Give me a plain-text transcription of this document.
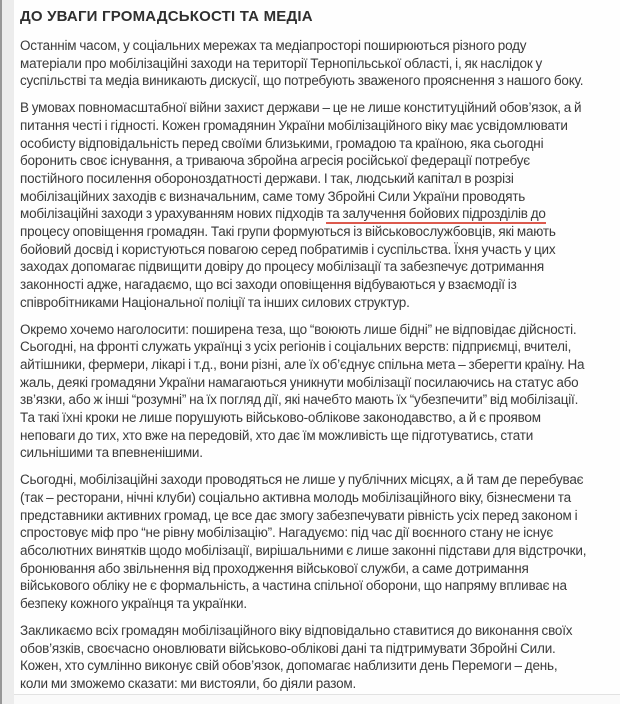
ДО УВАГИ ГРОМАДСЬКОСТІ ТА МЕДІА
Останнім часом, у соціальних мережах та медіапросторі поширюються різного роду
матеріали про мобілізаційні заходи на території Тернопільської області, і, як наслідок у
суспільстві та медіа виникають дискусії, що потребують зваженого прояснення з нашого боку.
В умовах повномасштабної війни захист держави – це не лише конституційний обов’язок, а й
питання честі і гідності. Кожен громадянин України мобілізаційного віку має усвідомлювати
особисту відповідальність перед своїми близькими, громадою та країною, яка сьогодні
боронить своє існування, а триваюча збройна агресія російської федерації потребує
постійного посилення обороноздатності держави. І так, людський капітал в розрізі
мобілізаційних заходів є визначальним, саме тому Збройні Сили України проводять
мобілізаційні заходи з урахуванням нових підходів та залучення бойових підрозділів до
процесу оповіщення громадян. Такі групи формуються із військовослужбовців, які мають
бойовий досвід і користуються повагою серед побратимів і суспільства. Їхня участь у цих
заходах допомагає підвищити довіру до процесу мобілізації та забезпечує дотримання
законності адже, нагадаємо, що всі заходи оповіщення відбуваються у взаємодії із
співробітниками Національної поліції та інших силових структур.
Окремо хочемо наголосити: поширена теза, що “воюють лише бідні” не відповідає дійсності.
Сьогодні, на фронті служать українці з усіх регіонів і соціальних верств: підприємці, вчителі,
айтішники, фермери, лікарі і т.д., вони різні, але їх об’єднує спільна мета – зберегти країну. На
жаль, деякі громадяни України намагаються уникнути мобілізації посилаючись на статус або
зв’язки, або ж інші “розумні” на їх погляд дії, які начебто мають їх “убезпечити” від мобілізації.
Та такі їхні кроки не лише порушують військово-облікове законодавство, а й є проявом
неповаги до тих, хто вже на передовій, хто дає їм можливість ще підготуватись, стати
сильнішими та впевненішими.
Сьогодні, мобілізаційні заходи проводяться не лише у публічних місцях, а й там де перебуває
(так – ресторани, нічні клуби) соціально активна молодь мобілізаційного віку, бізнесмени та
представники активних громад, це все дає змогу забезпечувати рівність усіх перед законом і
спростовує міф про “не рівну мобілізацію”. Нагадуємо: під час дії воєнного стану не існує
абсолютних винятків щодо мобілізації, вирішальними є лише законні підстави для відстрочки,
бронювання або звільнення від проходження військової служби, а саме дотримання
військового обліку не є формальність, а частина спільної оборони, що напряму впливає на
безпеку кожного українця та українки.
Закликаємо всіх громадян мобілізаційного віку відповідально ставитися до виконання своїх
обов’язків, своєчасно оновлювати військово-облікові дані та підтримувати Збройні Сили.
Кожен, хто сумлінно виконує свій обов’язок, допомагає наблизити день Перемоги – день,
коли ми зможемо сказати: ми вистояли, бо діяли разом.
